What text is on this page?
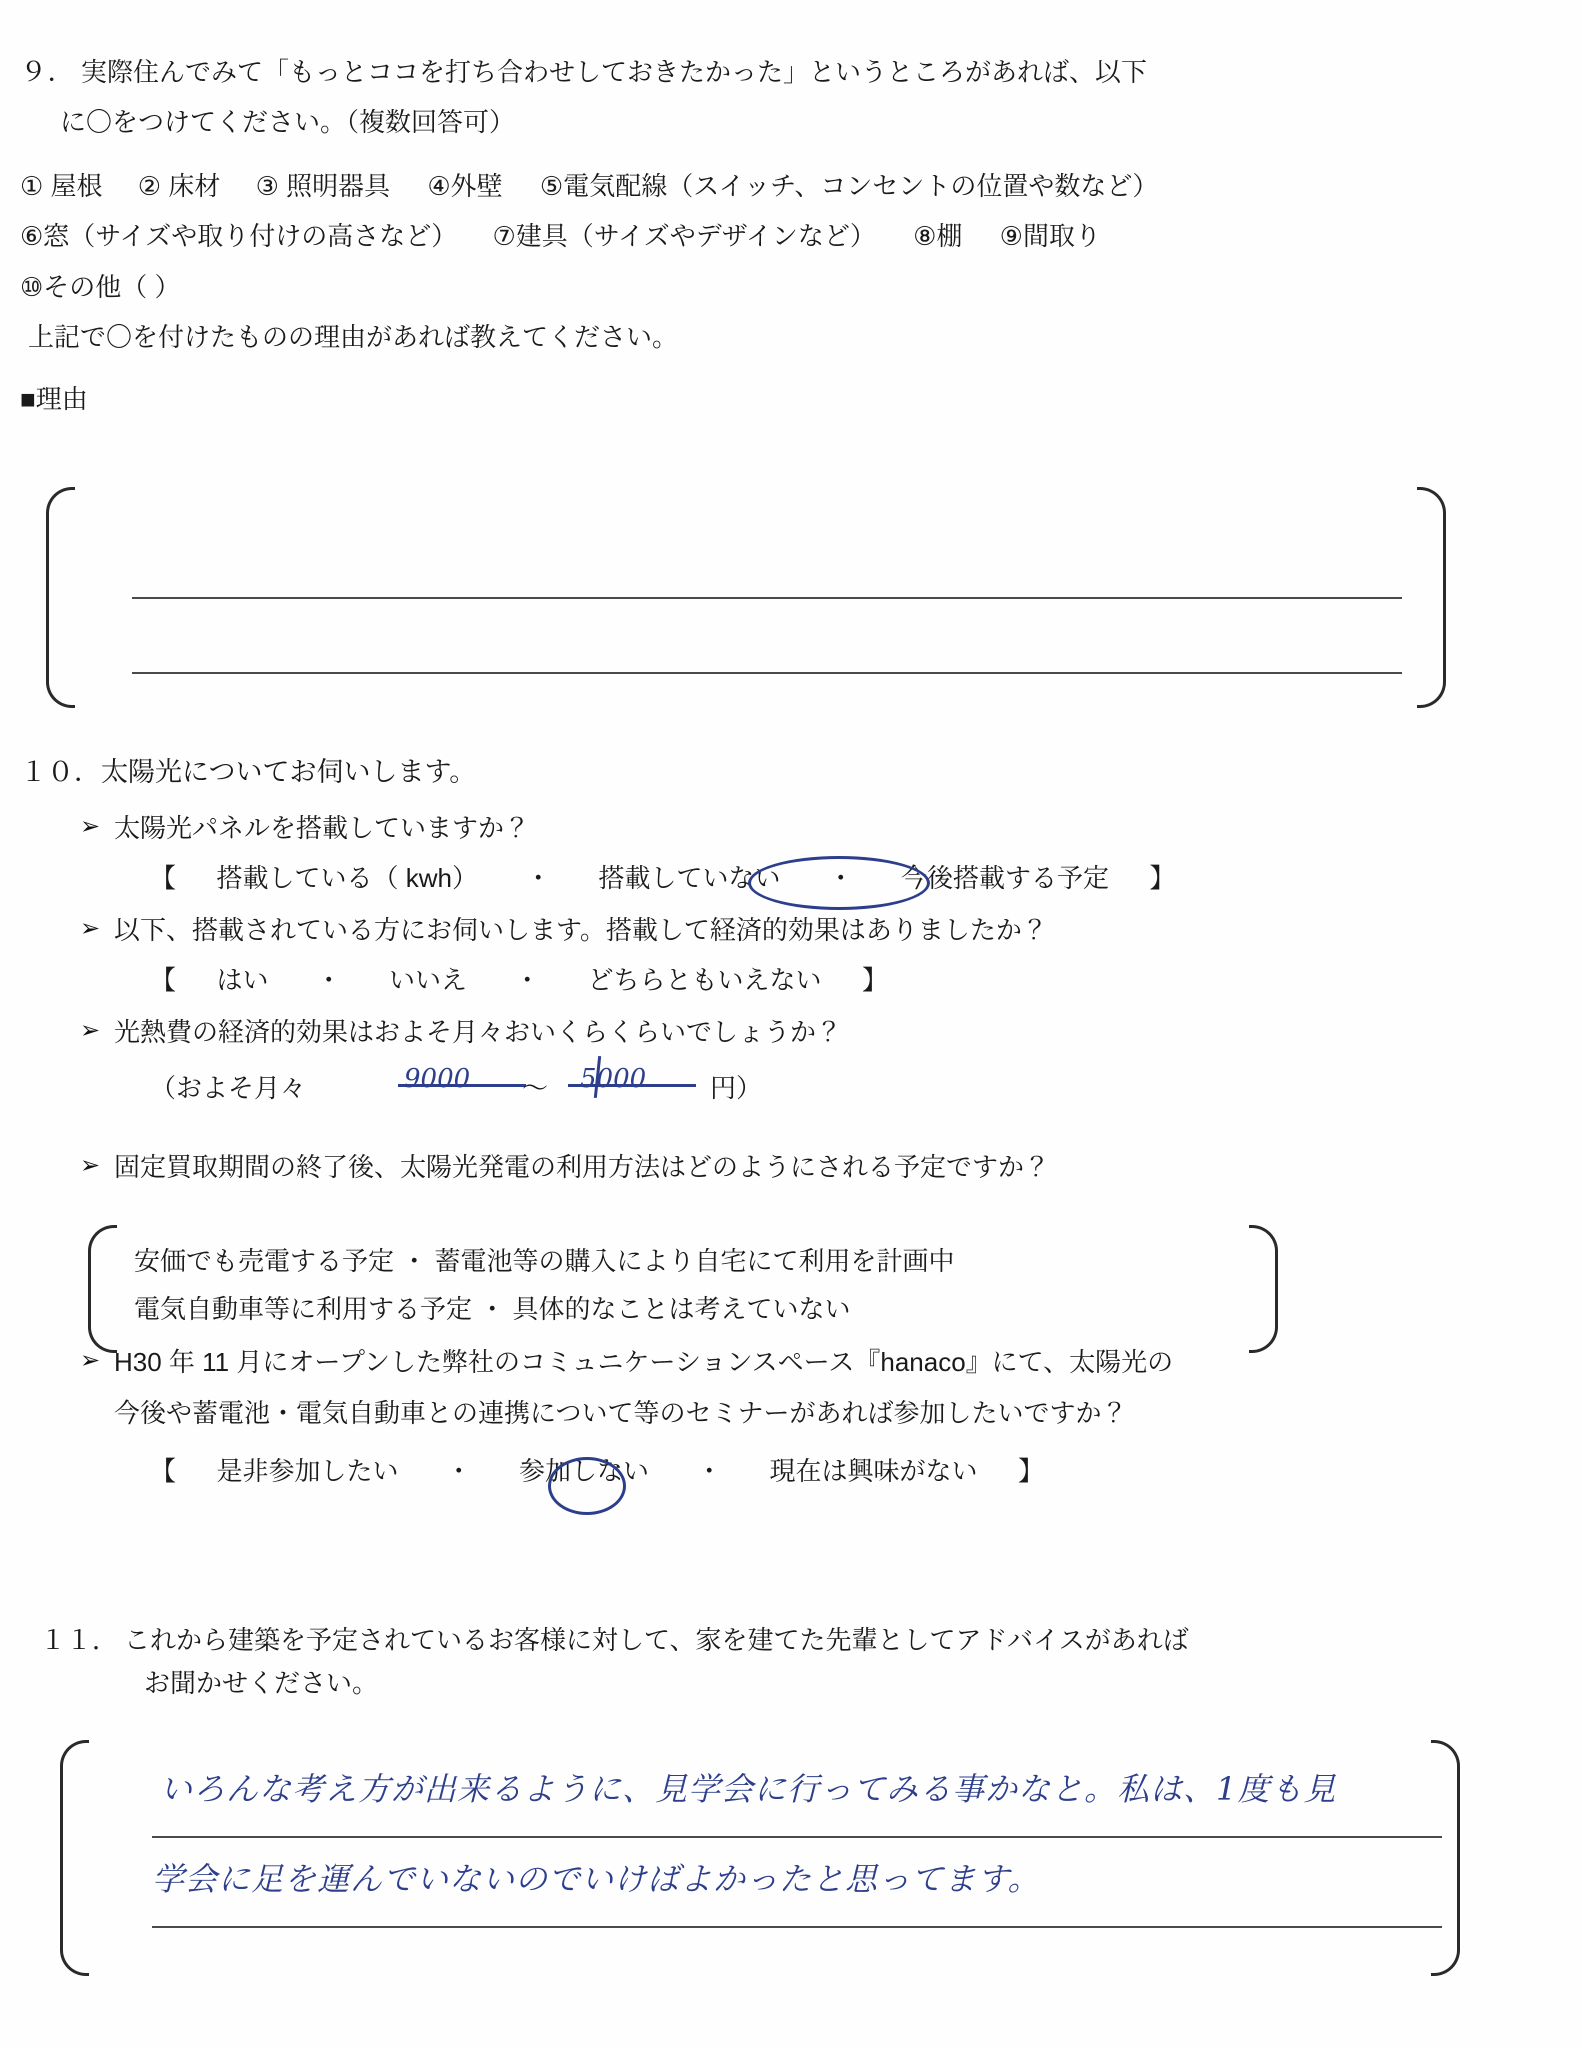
９． 実際住んでみて「もっとココを打ち合わせしておきたかった」というところがあれば、以下
に〇をつけてください。（複数回答可）
① 屋根 ② 床材 ③ 照明器具 ④外壁 ⑤電気配線（スイッチ、コンセントの位置や数など）
⑥窓（サイズや取り付けの高さなど） ⑦建具（サイズやデザインなど） ⑧棚 ⑨間取り
⑩その他（ ）
上記で〇を付けたものの理由があれば教えてください。
■理由
１０．太陽光についてお伺いします。
➢ 太陽光パネルを搭載していますか？
【 搭載している（ kwh） ・ 搭載していない ・ 今後搭載する予定 】
➢ 以下、搭載されている方にお伺いします。搭載して経済的効果はありましたか？
【 はい ・ いいえ ・ どちらともいえない 】
➢ 光熱費の経済的効果はおよそ月々おいくらくらいでしょうか？
（およそ月々	9000 ～ 5000 円）
➢ 固定買取期間の終了後、太陽光発電の利用方法はどのようにされる予定ですか？
➢ H30 年 11 月にオープンした弊社のコミュニケーションスペース『hanaco』にて、太陽光の
今後や蓄電池・電気自動車との連携について等のセミナーがあれば参加したいですか？
【 是非参加したい ・ 参加しない ・ 現在は興味がない 】
安価でも売電する予定 ・ 蓄電池等の購入により自宅にて利用を計画中
電気自動車等に利用する予定 ・ 具体的なことは考えていない
１１． これから建築を予定されているお客様に対して、家を建てた先輩としてアドバイスがあれば
お聞かせください。
いろんな考え方が出来るように、見学会に行ってみる事かなと。私は、1度も見
学会に足を運んでいないのでいけばよかったと思ってます。
